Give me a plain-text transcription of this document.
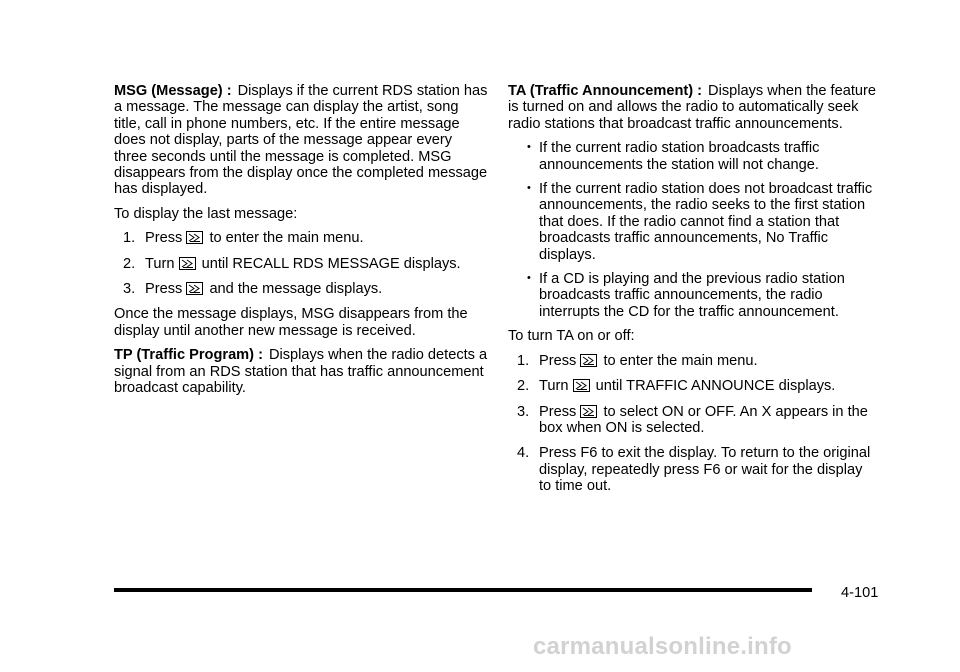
MSG (Message) : Displays if the current RDS station has a message. The message can display the artist, song title, call in phone numbers, etc. If the entire message does not display, parts of the message appear every three seconds until the message is completed. MSG disappears from the display once the completed message has displayed.

To display the last message:

1. Press to enter the main menu.
2. Turn until RECALL RDS MESSAGE displays.
3. Press and the message displays.

Once the message displays, MSG disappears from the display until another new message is received.

TP (Traffic Program) : Displays when the radio detects a signal from an RDS station that has traffic announcement broadcast capability.

TA (Traffic Announcement) : Displays when the feature is turned on and allows the radio to automatically seek radio stations that broadcast traffic announcements.

• If the current radio station broadcasts traffic announcements the station will not change.
• If the current radio station does not broadcast traffic announcements, the radio seeks to the first station that does. If the radio cannot find a station that broadcasts traffic announcements, No Traffic displays.
• If a CD is playing and the previous radio station broadcasts traffic announcements, the radio interrupts the CD for the traffic announcement.

To turn TA on or off:

1. Press to enter the main menu.
2. Turn until TRAFFIC ANNOUNCE displays.
3. Press to select ON or OFF. An X appears in the box when ON is selected.
4. Press F6 to exit the display. To return to the original display, repeatedly press F6 or wait for the display to time out.
4-101
carmanualsonline.info
